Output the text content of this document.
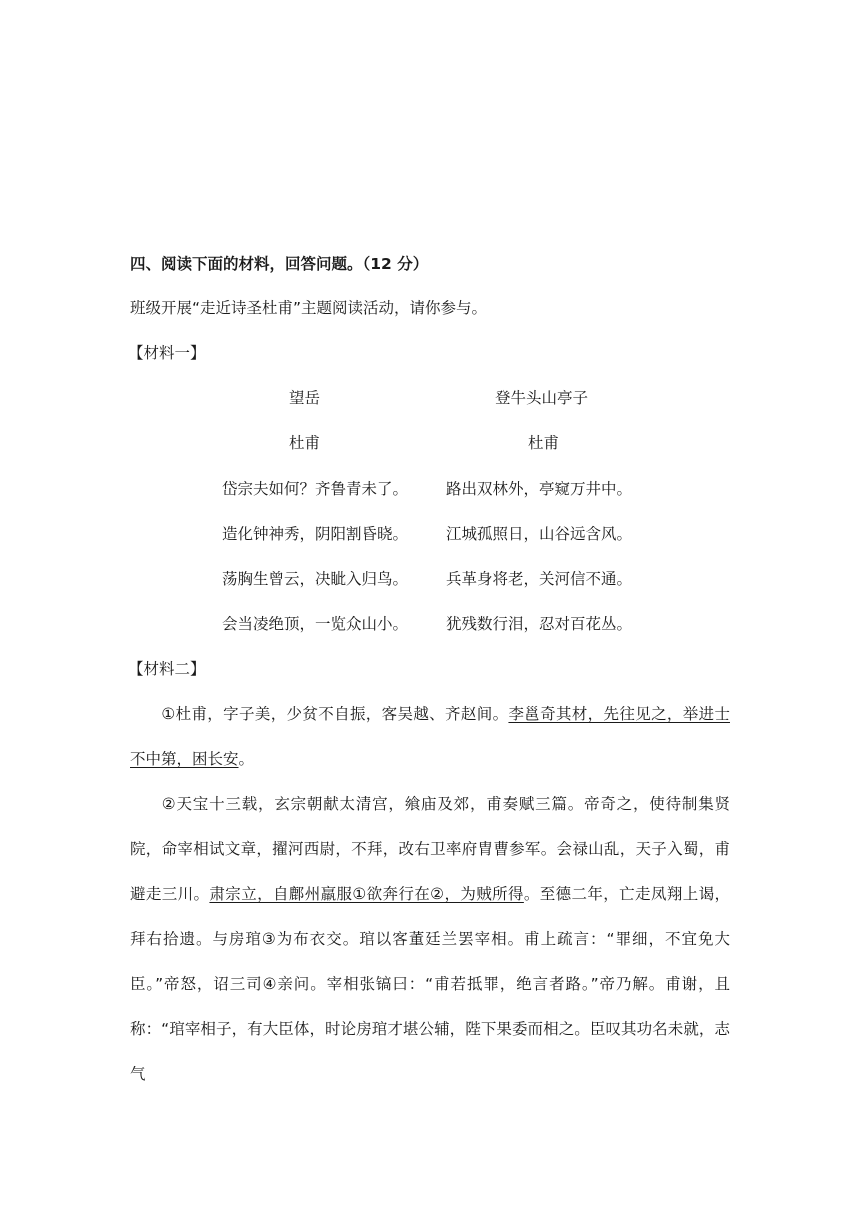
四、阅读下面的材料，回答问题。（12 分）
班级开展“走近诗圣杜甫”主题阅读活动，请你参与。
【材料一】
望岳
杜甫
岱宗夫如何？齐鲁青未了。
造化钟神秀，阴阳割昏晓。
荡胸生曾云，决眦入归鸟。
会当凌绝顶，一览众山小。
登牛头山亭子
杜甫
路出双林外，亭窥万井中。
江城孤照日，山谷远含风。
兵革身将老，关河信不通。
犹残数行泪，忍对百花丛。
【材料二】
①杜甫，字子美，少贫不自振，客吴越、齐赵间。李邕奇其材，先往见之，举进士不中第，困长安。
②天宝十三载，玄宗朝献太清宫，飨庙及郊，甫奏赋三篇。帝奇之，使待制集贤院，命宰相试文章，擢河西尉，不拜，改右卫率府胄曹参军。会禄山乱，天子入蜀，甫避走三川。肃宗立，自鄜州羸服①欲奔行在②，为贼所得。至德二年，亡走凤翔上谒，拜右拾遗。与房琯③为布衣交。琯以客董廷兰罢宰相。甫上疏言：“罪细，不宜免大臣。”帝怒，诏三司④亲问。宰相张镐曰：“甫若抵罪，绝言者路。”帝乃解。甫谢，且称：“琯宰相子，有大臣体，时论房琯才堪公辅，陛下果委而相之。臣叹其功名未就，志气
